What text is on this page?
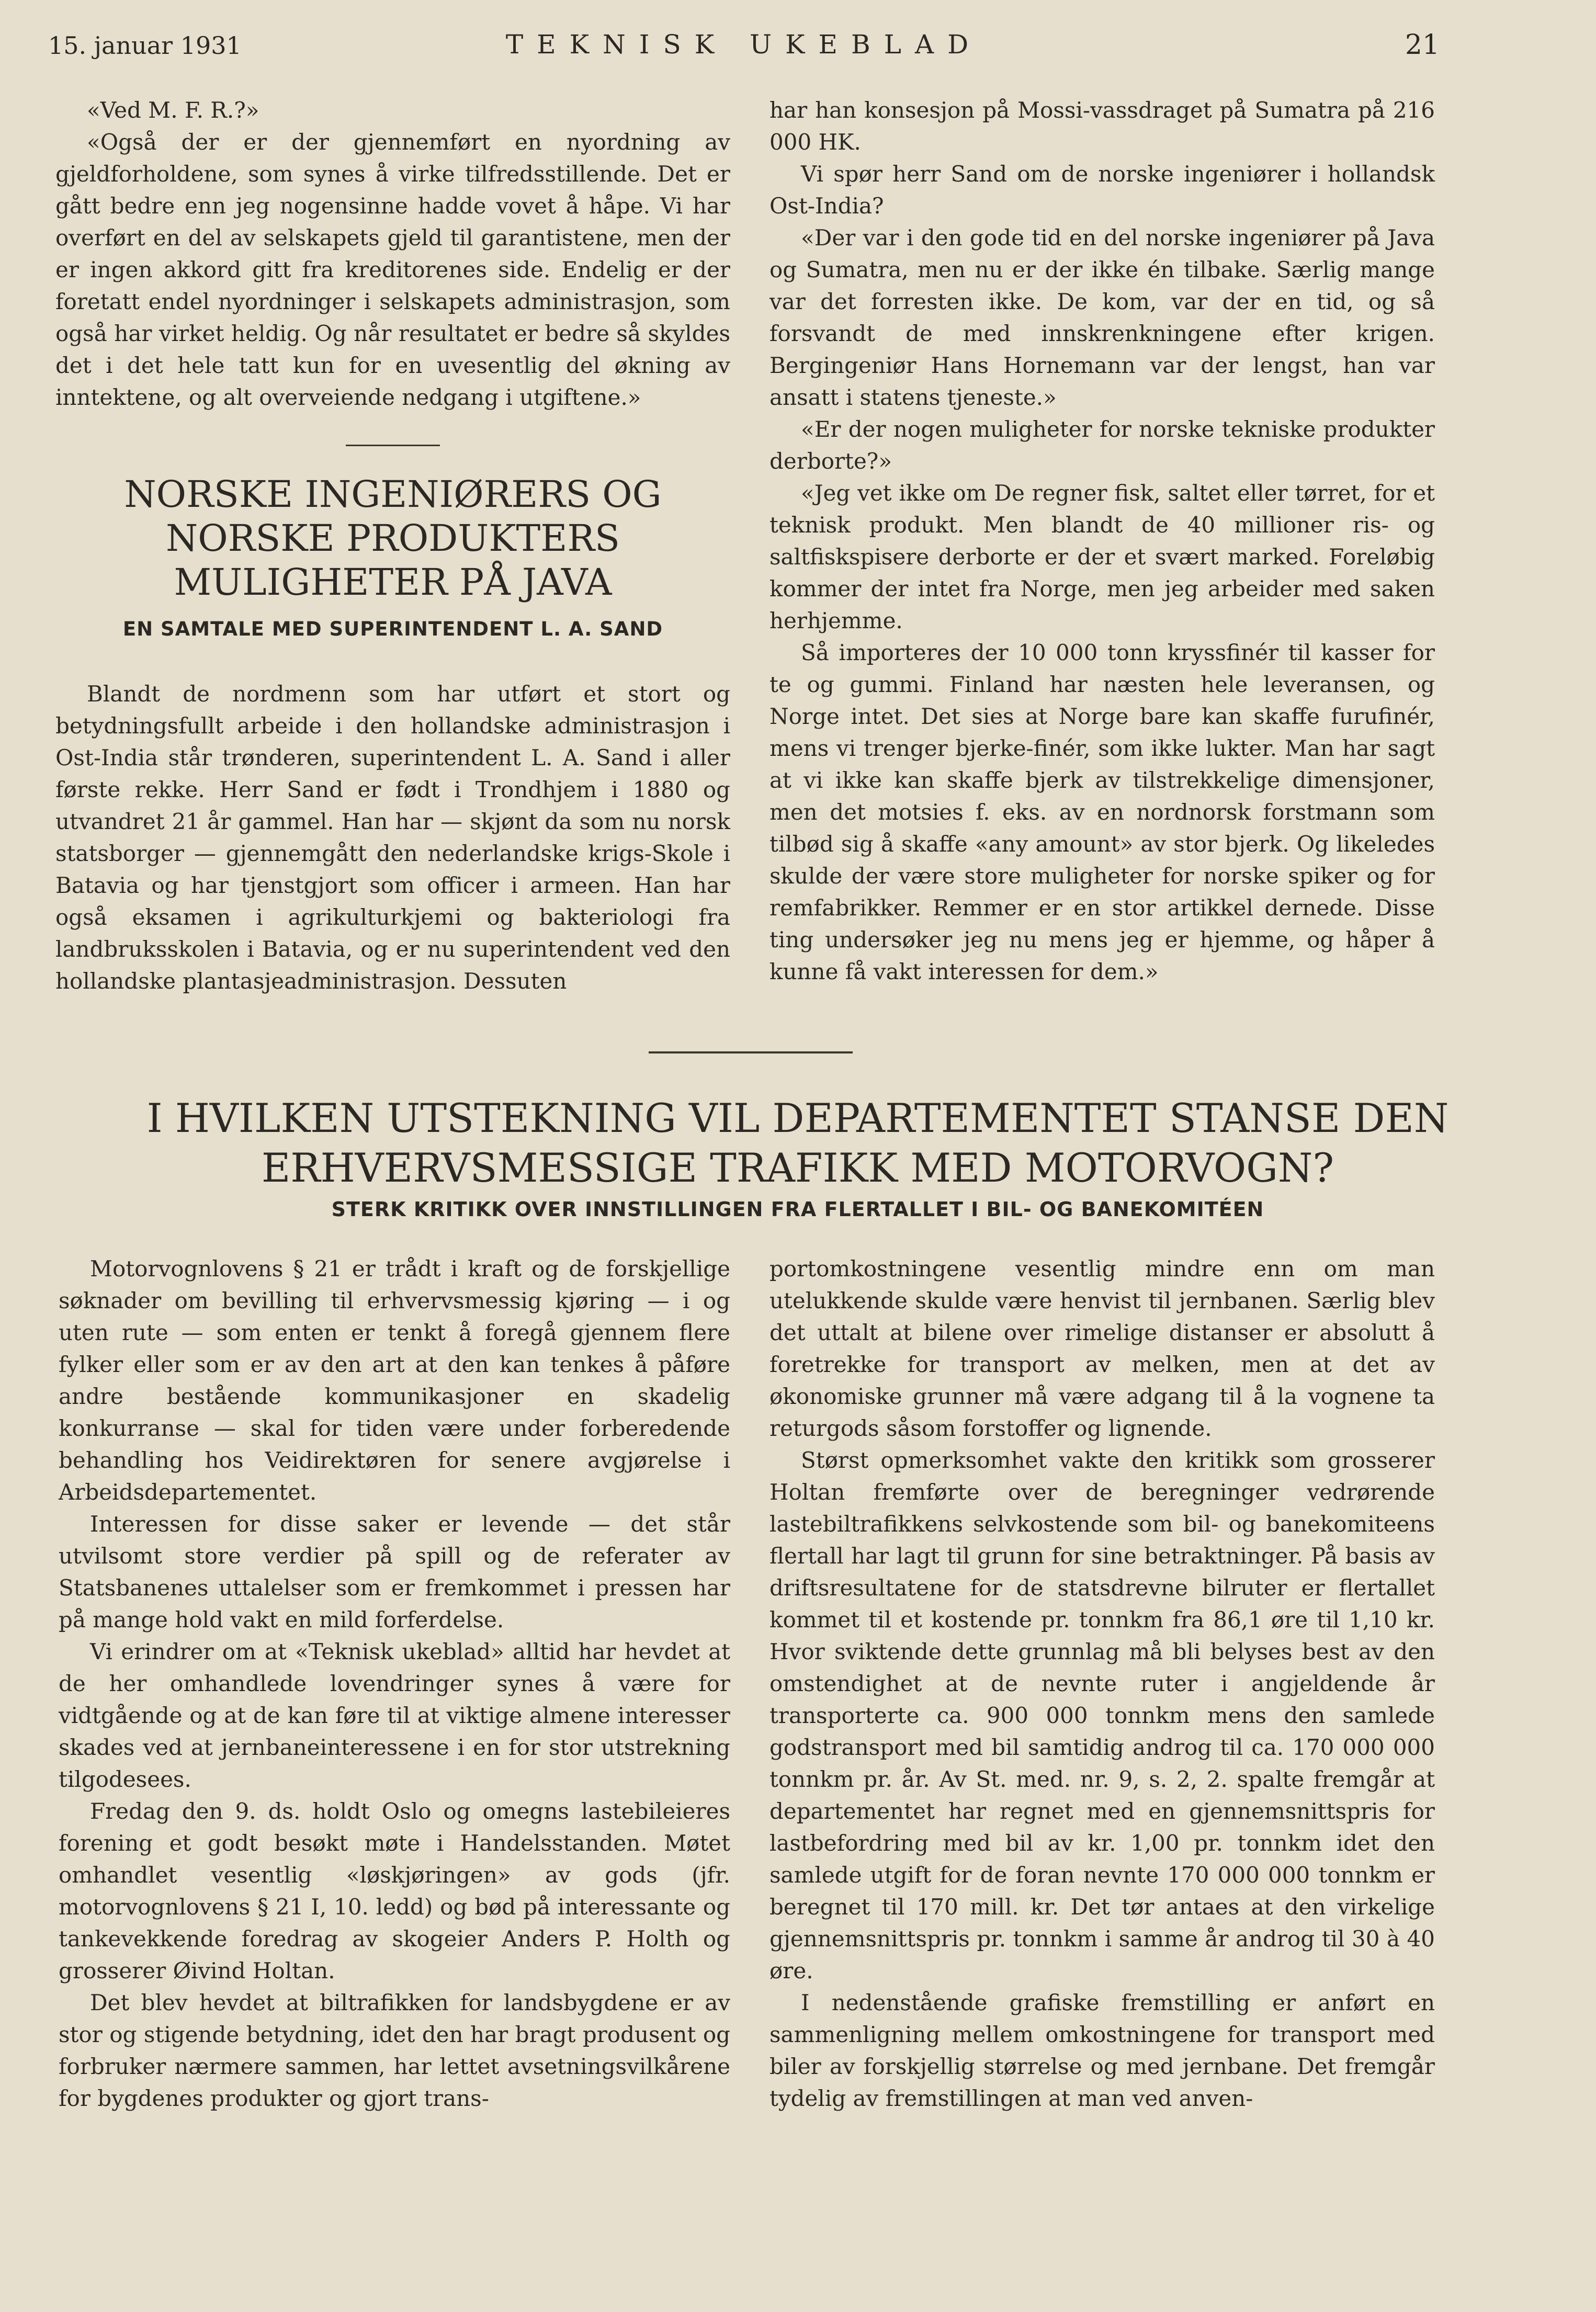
15. januar 1931	TEKNISK UKEBLAD	21

«Ved M. F. R.?»

«Også der er der gjennemført en nyordning av gjeldforholdene, som synes å virke tilfredsstillende. Det er gått bedre enn jeg nogensinne hadde vovet å håpe. Vi har overført en del av selskapets gjeld til garantistene, men der er ingen akkord gitt fra kreditorenes side. Endelig er der foretatt endel nyordninger i selskapets administrasjon, som også har virket heldig. Og når resultatet er bedre så skyldes det i det hele tatt kun for en uvesentlig del økning av inntektene, og alt overveiende nedgang i utgiftene.»

NORSKE INGENIØRERS OG NORSKE PRODUKTERS MULIGHETER PÅ JAVA
EN SAMTALE MED SUPERINTENDENT L. A. SAND

Blandt de nordmenn som har utført et stort og betydningsfullt arbeide i den hollandske administrasjon i Ost-India står trønderen, superintendent L. A. Sand i aller første rekke. Herr Sand er født i Trondhjem i 1880 og utvandret 21 år gammel. Han har — skjønt da som nu norsk statsborger — gjennemgått den nederlandske krigs-Skole i Batavia og har tjenstgjort som officer i armeen. Han har også eksamen i agrikulturkjemi og bakteriologi fra landbruksskolen i Batavia, og er nu superintendent ved den hollandske plantasjeadministrasjon. Dessuten

har han konsesjon på Mossi-vassdraget på Sumatra på 216 000 HK.

Vi spør herr Sand om de norske ingeniører i hollandsk Ost-India?

«Der var i den gode tid en del norske ingeniører på Java og Sumatra, men nu er der ikke én tilbake. Særlig mange var det forresten ikke. De kom, var der en tid, og så forsvandt de med innskrenkningene efter krigen. Bergingeniør Hans Hornemann var der lengst, han var ansatt i statens tjeneste.»

«Er der nogen muligheter for norske tekniske produkter derborte?»

«Jeg vet ikke om De regner fisk, saltet eller tørret, for et teknisk produkt. Men blandt de 40 millioner ris- og saltfiskspisere derborte er der et svært marked. Foreløbig kommer der intet fra Norge, men jeg arbeider med saken herhjemme.

Så importeres der 10 000 tonn kryssfinér til kasser for te og gummi. Finland har næsten hele leveransen, og Norge intet. Det sies at Norge bare kan skaffe furufinér, mens vi trenger bjerke-finér, som ikke lukter. Man har sagt at vi ikke kan skaffe bjerk av tilstrekkelige dimensjoner, men det motsies f. eks. av en nordnorsk forstmann som tilbød sig å skaffe «any amount» av stor bjerk. Og likeledes skulde der være store muligheter for norske spiker og for remfabrikker. Remmer er en stor artikkel dernede. Disse ting undersøker jeg nu mens jeg er hjemme, og håper å kunne få vakt interessen for dem.»

I HVILKEN UTSTEKNING VIL DEPARTEMENTET STANSE DEN ERHVERVSMESSIGE TRAFIKK MED MOTORVOGN?
STERK KRITIKK OVER INNSTILLINGEN FRA FLERTALLET I BIL- OG BANEKOMITÉEN

Motorvognlovens § 21 er trådt i kraft og de forskjellige søknader om bevilling til erhvervsmessig kjøring — i og uten rute — som enten er tenkt å foregå gjennem flere fylker eller som er av den art at den kan tenkes å påføre andre bestående kommunikasjoner en skadelig konkurranse — skal for tiden være under forberedende behandling hos Veidirektøren for senere avgjørelse i Arbeidsdepartementet.

Interessen for disse saker er levende — det står utvilsomt store verdier på spill og de referater av Statsbanenes uttalelser som er fremkommet i pressen har på mange hold vakt en mild forferdelse.

Vi erindrer om at «Teknisk ukeblad» alltid har hevdet at de her omhandlede lovendringer synes å være for vidtgående og at de kan føre til at viktige almene interesser skades ved at jernbaneinteressene i en for stor utstrekning tilgodesees.

Fredag den 9. ds. holdt Oslo og omegns lastebileieres forening et godt besøkt møte i Handelsstanden. Møtet omhandlet vesentlig «løskjøringen» av gods (jfr. motorvognlovens § 21 I, 10. ledd) og bød på interessante og tankevekkende foredrag av skogeier Anders P. Holth og grosserer Øivind Holtan.

Det blev hevdet at biltrafikken for landsbygdene er av stor og stigende betydning, idet den har bragt produsent og forbruker nærmere sammen, har lettet avsetningsvilkårene for bygdenes produkter og gjort trans-

portomkostningene vesentlig mindre enn om man utelukkende skulde være henvist til jernbanen. Særlig blev det uttalt at bilene over rimelige distanser er absolutt å foretrekke for transport av melken, men at det av økonomiske grunner må være adgang til å la vognene ta returgods såsom forstoffer og lignende.

Størst opmerksomhet vakte den kritikk som grosserer Holtan fremførte over de beregninger vedrørende lastebiltrafikkens selvkostende som bil- og banekomiteens flertall har lagt til grunn for sine betraktninger. På basis av driftsresultatene for de statsdrevne bilruter er flertallet kommet til et kostende pr. tonnkm fra 86,1 øre til 1,10 kr. Hvor sviktende dette grunnlag må bli belyses best av den omstendighet at de nevnte ruter i angjeldende år transporterte ca. 900 000 tonnkm mens den samlede godstransport med bil samtidig androg til ca. 170 000 000 tonnkm pr. år. Av St. med. nr. 9, s. 2, 2. spalte fremgår at departementet har regnet med en gjennemsnittspris for lastbefordring med bil av kr. 1,00 pr. tonnkm idet den samlede utgift for de foran nevnte 170 000 000 tonnkm er beregnet til 170 mill. kr. Det tør antaes at den virkelige gjennemsnittspris pr. tonnkm i samme år androg til 30 à 40 øre.

I nedenstående grafiske fremstilling er anført en sammenligning mellem omkostningene for transport med biler av forskjellig størrelse og med jernbane. Det fremgår tydelig av fremstillingen at man ved anven-
